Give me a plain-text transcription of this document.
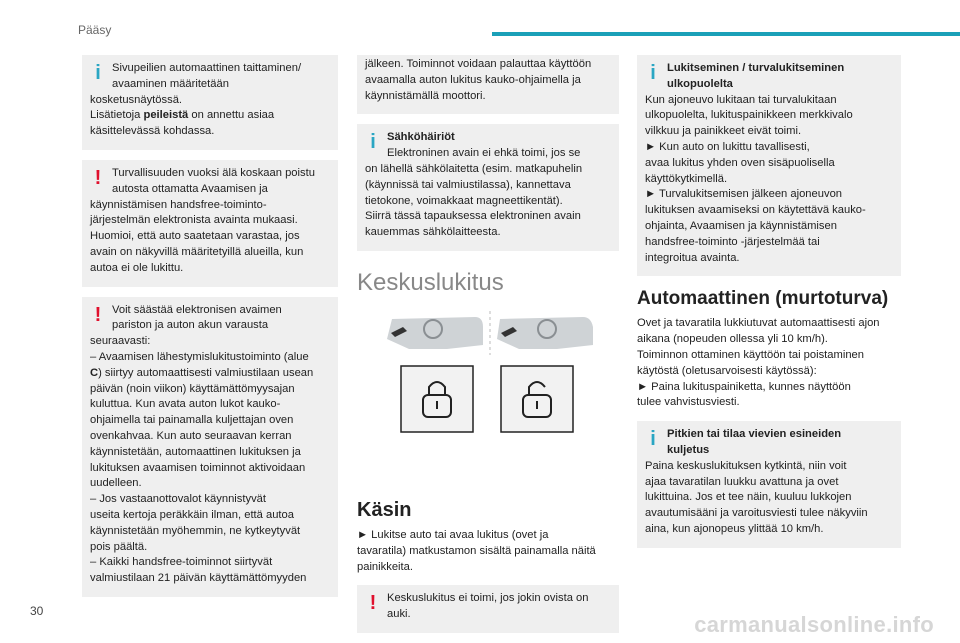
Pääsy
i	Sivupeilien automaattinen taittaminen/
avaaminen määritetään
kosketusnäytössä.
Lisätietoja peileistä on annettu asiaa
käsittelevässä kohdassa.
! Turvallisuuden vuoksi älä koskaan poistu
autosta ottamatta Avaamisen ja
käynnistämisen handsfree-toiminto-
järjestelmän elektronista avainta mukaasi.
Huomioi, että auto saatetaan varastaa, jos
avain on näkyvillä määritetyillä alueilla, kun
autoa ei ole lukittu.
! Voit säästää elektronisen avaimen
pariston ja auton akun varausta
seuraavasti:
– Avaamisen lähestymislukitustoiminto (alue
C) siirtyy automaattisesti valmiustilaan usean
päivän (noin viikon) käyttämättömyysajan
kuluttua. Kun avata auton lukot kauko-
ohjaimella tai painamalla kuljettajan oven
ovenkahvaa. Kun auto seuraavan kerran
käynnistetään, automaattinen lukituksen ja
lukituksen avaamisen toiminnot aktivoidaan
uudelleen.
– Jos vastaanottovalot käynnistyvät
useita kertoja peräkkäin ilman, että autoa
käynnistetään myöhemmin, ne kytkeytyvät
pois päältä.
– Kaikki handsfree-toiminnot siirtyvät
valmiustilaan 21 päivän käyttämättömyyden
jälkeen. Toiminnot voidaan palauttaa käyttöön
avaamalla auton lukitus kauko-ohjaimella ja
käynnistämällä moottori.
i	Sähköhäiriöt
Elektroninen avain ei ehkä toimi, jos se
on lähellä sähkölaitetta (esim. matkapuhelin
(käynnissä tai valmiustilassa), kannettava
tietokone, voimakkaat magneettikentät).
Siirrä tässä tapauksessa elektroninen avain
kauemmas sähkölaitteesta.
Keskuslukitus
Käsin
► Lukitse auto tai avaa lukitus (ovet ja
tavaratila) matkustamon sisältä painamalla näitä
painikkeita.
! Keskuslukitus ei toimi, jos jokin ovista on
auki.
i	Lukitseminen / turvalukitseminen
ulkopuolelta
Kun ajoneuvo lukitaan tai turvalukitaan
ulkopuolelta, lukituspainikkeen merkkivalo
vilkkuu ja painikkeet eivät toimi.
► Kun auto on lukittu tavallisesti,
avaa lukitus yhden oven sisäpuolisella
käyttökytkimellä.
► Turvalukitsemisen jälkeen ajoneuvon
lukituksen avaamiseksi on käytettävä kauko-
ohjainta, Avaamisen ja käynnistämisen
handsfree-toiminto -järjestelmää tai
integroitua avainta.
Automaattinen (murtoturva)
Ovet ja tavaratila lukkiutuvat automaattisesti ajon
aikana (nopeuden ollessa yli 10 km/h).
Toiminnon ottaminen käyttöön tai poistaminen
käytöstä (oletusarvoisesti käytössä):
► Paina lukituspainiketta, kunnes näyttöön
tulee vahvistusviesti.
i	Pitkien tai tilaa vievien esineiden
kuljetus
Paina keskuslukituksen kytkintä, niin voit
ajaa tavaratilan luukku avattuna ja ovet
lukittuina. Jos et tee näin, kuuluu lukkojen
avautumisääni ja varoitusviesti tulee näkyviin
aina, kun ajonopeus ylittää 10 km/h.
30
carmanualsonline.info
